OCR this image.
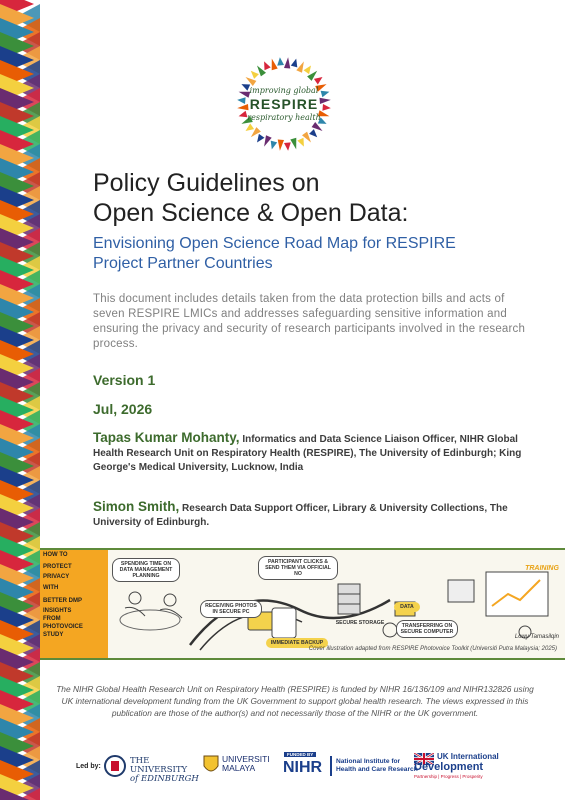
improving global
RESPIRE
respiratory health
Policy Guidelines on
Open Science & Open Data:
Envisioning Open Science Road Map for RESPIRE
Project Partner Countries
This document includes details taken from the data protection bills and acts of seven RESPIRE LMICs and addresses safeguarding sensitive information and ensuring the privacy and security of research participants involved in the research process.
Version 1
Jul, 2026
Tapas Kumar Mohanty, Informatics and Data Science Liaison Officer, NIHR Global Health Research Unit on Respiratory Health (RESPIRE), The University of Edinburgh; King George's Medical University, Lucknow, India
Simon Smith, Research Data Support Officer, Library & University Collections, The University of Edinburgh.
HOW TO
PROTECT
PRIVACY
WITH
BETTER DMP
INSIGHTS
FROM
PHOTOVOICE
STUDY
SPENDING TIME ON DATA MANAGEMENT PLANNING
PARTICIPANT CLICKS & SEND THEM VIA OFFICIAL NO
RECEIVING PHOTOS IN SECURE PC
SECURE STORAGE
IMMEDIATE BACKUP
TRANSFERRING ON SECURE COMPUTER
DATA
TRAINING
Lowy Tamasilqin
Cover illustration adapted from RESPIRE Photovoice Toolkit (Universiti Putra Malaysia; 2025)
The NIHR Global Health Research Unit on Respiratory Health (RESPIRE) is funded by NIHR 16/136/109 and NIHR132826 using UK international development funding from the UK Government to support global health research. The views expressed in this publication are those of the author(s) and not necessarily those of the NIHR or the UK government.
Led by:
THE UNIVERSITY
of EDINBURGH
UNIVERSITI
MALAYA
FUNDED BY
NIHR National Institute for
Health and Care Research
UK International
Development
Partnership | Progress | Prosperity
